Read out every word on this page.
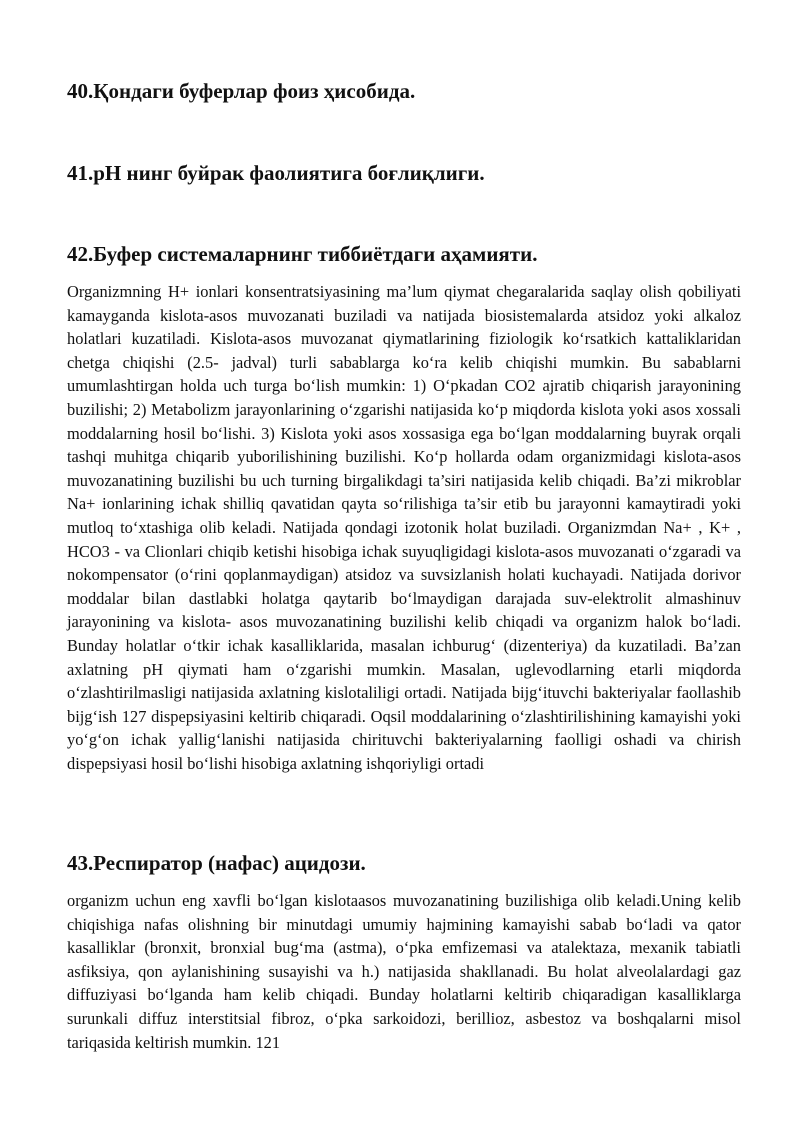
40.Қондаги буферлар фоиз ҳисобида.
41.pH нинг буйрак фаолиятига боғлиқлиги.
42.Буфер системаларнинг тиббиётдаги аҳамияти.

Organizmning H+ ionlari konsentratsiyasining ma’lum qiymat chegaralarida saqlay olish qobiliyati kamayganda kislota-asos muvozanati buziladi va natijada biosistemalarda atsidoz yoki alkaloz holatlari kuzatiladi. Kislota-asos muvozanat qiymatlarining fiziologik ko‘rsatkich kattaliklaridan chetga chiqishi (2.5- jadval) turli sabablarga ko‘ra kelib chiqishi mumkin. Bu sabablarni umumlashtirgan holda uch turga bo‘lish mumkin: 1) O‘pkadan CO2 ajratib chiqarish jarayonining buzilishi; 2) Metabolizm jarayonlarining o‘zgarishi natijasida ko‘p miqdorda kislota yoki asos xossali moddalarning hosil bo‘lishi. 3) Kislota yoki asos xossasiga ega bo‘lgan moddalarning buyrak orqali tashqi muhitga chiqarib yuborilishining buzilishi. Ko‘p hollarda odam organizmidagi kislota-asos muvozanatining buzilishi bu uch turning birgalikdagi ta’siri natijasida kelib chiqadi. Ba’zi mikroblar Na+ ionlarining ichak shilliq qavatidan qayta so‘rilishiga ta’sir etib bu jarayonni kamaytiradi yoki mutloq to‘xtashiga olib keladi. Natijada qondagi izotonik holat buziladi. Organizmdan Na+ , K+ , HCO3 - va Clionlari chiqib ketishi hisobiga ichak suyuqligidagi kislota-asos muvozanati o‘zgaradi va nokompensator (o‘rini qoplanmaydigan) atsidoz va suvsizlanish holati kuchayadi. Natijada dorivor moddalar bilan dastlabki holatga qaytarib bo‘lmaydigan darajada suv-elektrolit almashinuv jarayonining va kislota- asos muvozanatining buzilishi kelib chiqadi va organizm halok bo‘ladi. Bunday holatlar o‘tkir ichak kasalliklarida, masalan ichburug‘ (dizenteriya) da kuzatiladi. Ba’zan axlatning pH qiymati ham o‘zgarishi mumkin. Masalan, uglevodlarning etarli miqdorda o‘zlashtirilmasligi natijasida axlatning kislotaliligi ortadi. Natijada bijg‘ituvchi bakteriyalar faollashib bijg‘ish 127 dispepsiyasini keltirib chiqaradi. Oqsil moddalarining o‘zlashtirilishining kamayishi yoki yo‘g‘on ichak yallig‘lanishi natijasida chirituvchi bakteriyalarning faolligi oshadi va chirish dispepsiyasi hosil bo‘lishi hisobiga axlatning ishqoriyligi ortadi

43.Респиратор (нафас) ацидози.

organizm uchun eng xavfli bo‘lgan kislotaasos muvozanatining buzilishiga olib keladi.Uning kelib chiqishiga nafas olishning bir minutdagi umumiy hajmining kamayishi sabab bo‘ladi va qator kasalliklar (bronxit, bronxial bug‘ma (astma), o‘pka emfizemasi va atalektaza, mexanik tabiatli asfiksiya, qon aylanishining susayishi va h.) natijasida shakllanadi. Bu holat alveolalardagi gaz diffuziyasi bo‘lganda ham kelib chiqadi. Bunday holatlarni keltirib chiqaradigan kasalliklarga surunkali diffuz interstitsial fibroz, o‘pka sarkoidozi, berillioz, asbestoz va boshqalarni misol tariqasida keltirish mumkin. 121
